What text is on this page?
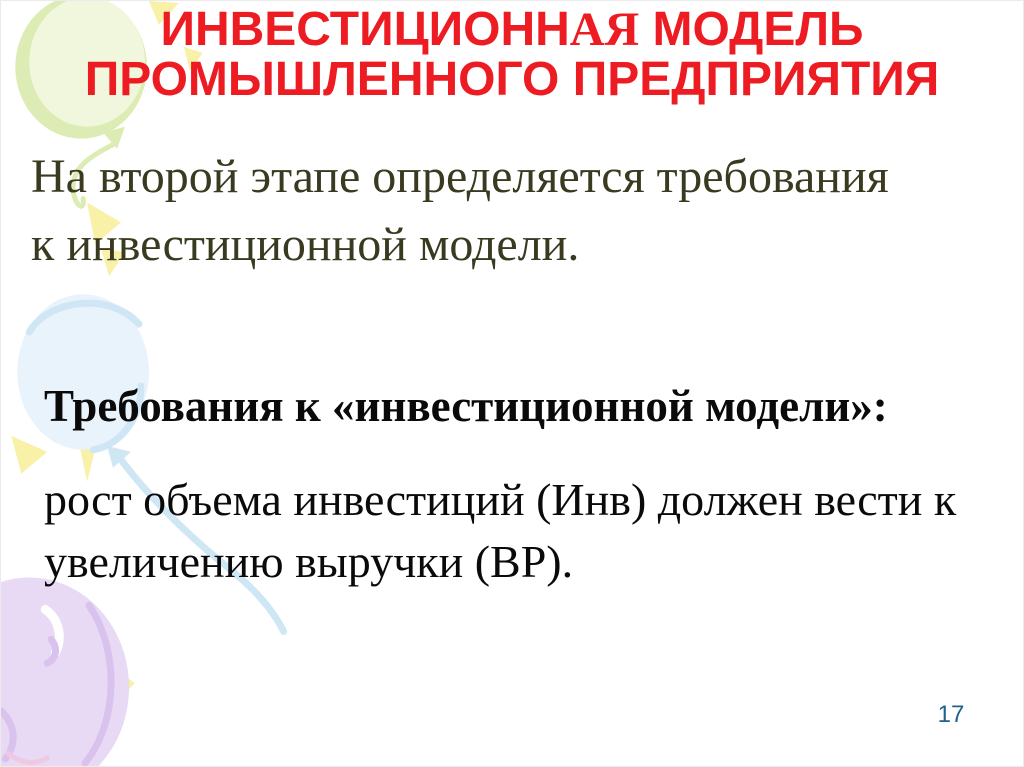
ИНВЕСТИЦИОННАЯ МОДЕЛЬ
ПРОМЫШЛЕННОГО ПРЕДПРИЯТИЯ

На второй этапе определяется требования
к инвестиционной модели.

Требования к «инвестиционной модели»:

рост объема инвестиций (Инв) должен вести к
увеличению выручки (ВР).

17
